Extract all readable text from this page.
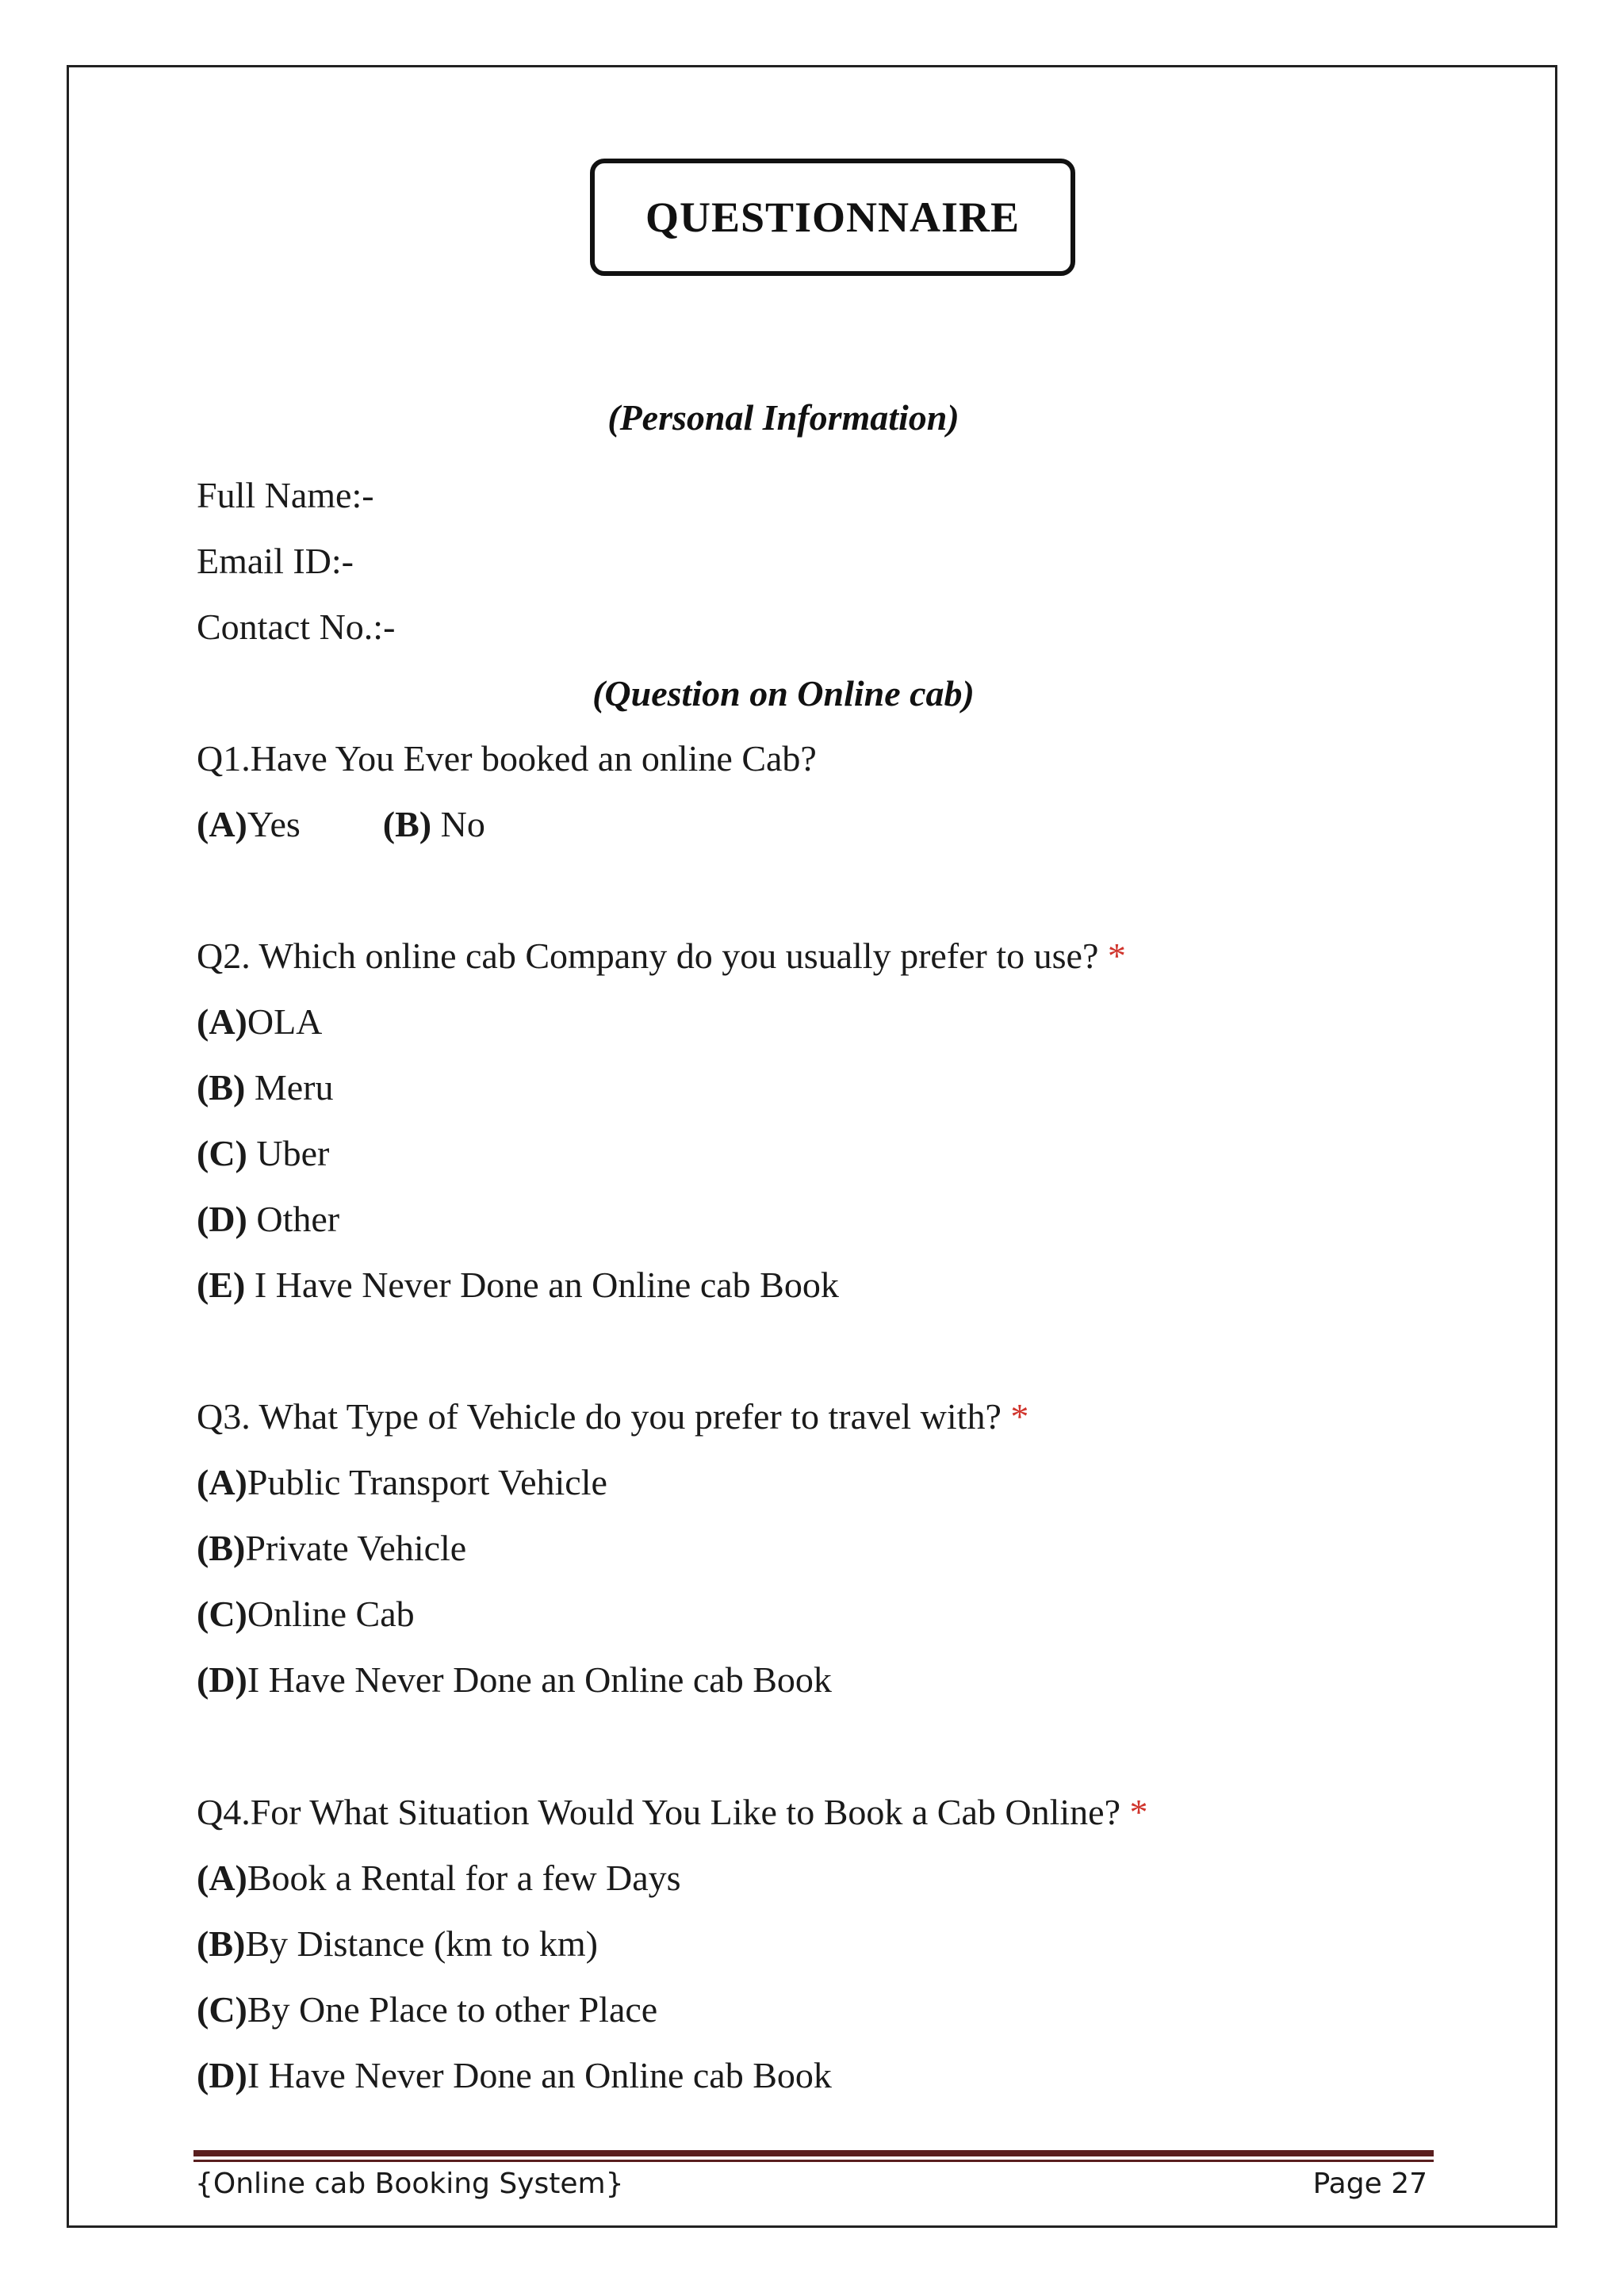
QUESTIONNAIRE
(Personal Information)
Full Name:-
Email ID:-
Contact No.:-
(Question on Online cab)
Q1.Have You Ever booked an online Cab?
(A)Yes (B) No
Q2. Which online cab Company do you usually prefer to use? *
(A)OLA
(B) Meru
(C) Uber
(D) Other
(E) I Have Never Done an Online cab Book
Q3. What Type of Vehicle do you prefer to travel with? *
(A)Public Transport Vehicle
(B)Private Vehicle
(C)Online Cab
(D)I Have Never Done an Online cab Book
Q4.For What Situation Would You Like to Book a Cab Online? *
(A)Book a Rental for a few Days
(B)By Distance (km to km)
(C)By One Place to other Place
(D)I Have Never Done an Online cab Book
{Online cab Booking System}	Page 27
